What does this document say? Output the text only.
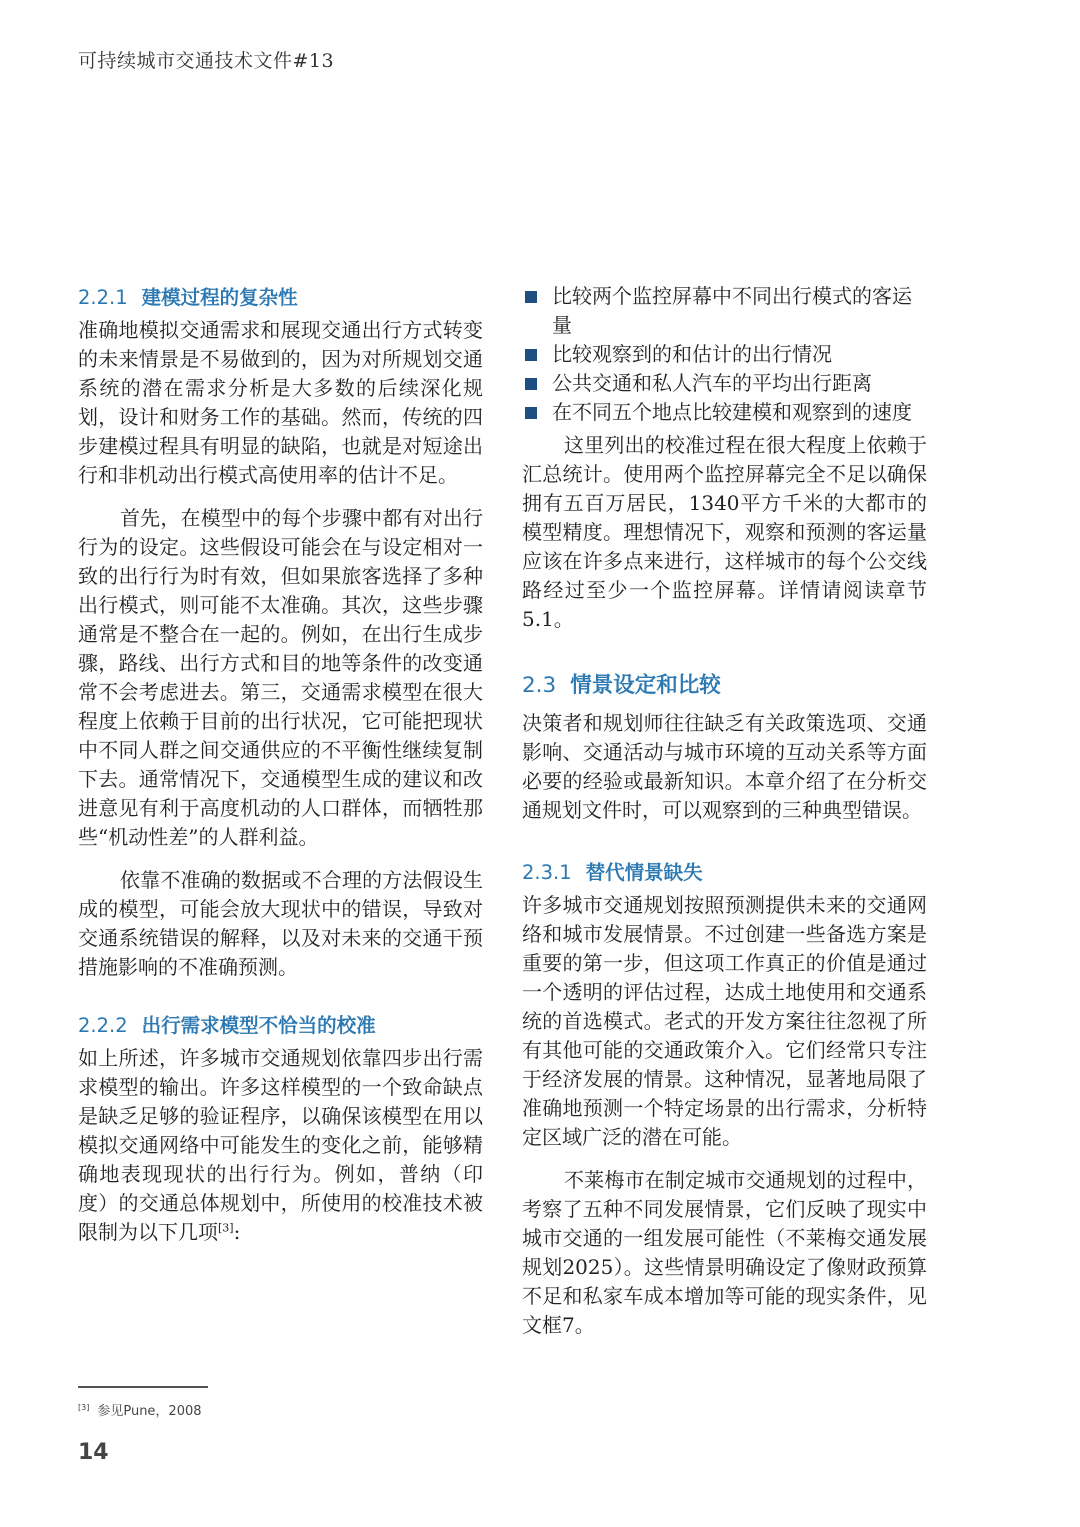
可持续城市交通技术文件#13
2.2.1 建模过程的复杂性

准确地模拟交通需求和展现交通出行方式转变的未来情景是不易做到的，因为对所规划交通系统的潜在需求分析是大多数的后续深化规划，设计和财务工作的基础。然而，传统的四步建模过程具有明显的缺陷，也就是对短途出行和非机动出行模式高使用率的估计不足。

首先，在模型中的每个步骤中都有对出行行为的设定。这些假设可能会在与设定相对一致的出行行为时有效，但如果旅客选择了多种出行模式，则可能不太准确。其次，这些步骤通常是不整合在一起的。例如，在出行生成步骤，路线、出行方式和目的地等条件的改变通常不会考虑进去。第三，交通需求模型在很大程度上依赖于目前的出行状况，它可能把现状中不同人群之间交通供应的不平衡性继续复制下去。通常情况下，交通模型生成的建议和改进意见有利于高度机动的人口群体，而牺牲那些“机动性差”的人群利益。

依靠不准确的数据或不合理的方法假设生成的模型，可能会放大现状中的错误，导致对交通系统错误的解释，以及对未来的交通干预措施影响的不准确预测。

2.2.2 出行需求模型不恰当的校准

如上所述，许多城市交通规划依靠四步出行需求模型的输出。许多这样模型的一个致命缺点是缺乏足够的验证程序，以确保该模型在用以模拟交通网络中可能发生的变化之前，能够精确地表现现状的出行行为。例如，普纳（印度）的交通总体规划中，所使用的校准技术被限制为以下几项[3]:

比较两个监控屏幕中不同出行模式的客运量
比较观察到的和估计的出行情况
公共交通和私人汽车的平均出行距离
在不同五个地点比较建模和观察到的速度

这里列出的校准过程在很大程度上依赖于汇总统计。使用两个监控屏幕完全不足以确保拥有五百万居民，1340平方千米的大都市的模型精度。理想情况下，观察和预测的客运量应该在许多点来进行，这样城市的每个公交线路经过至少一个监控屏幕。详情请阅读章节5.1。

2.3 情景设定和比较

决策者和规划师往往缺乏有关政策选项、交通影响、交通活动与城市环境的互动关系等方面必要的经验或最新知识。本章介绍了在分析交通规划文件时，可以观察到的三种典型错误。

2.3.1 替代情景缺失

许多城市交通规划按照预测提供未来的交通网络和城市发展情景。不过创建一些备选方案是重要的第一步，但这项工作真正的价值是通过一个透明的评估过程，达成土地使用和交通系统的首选模式。老式的开发方案往往忽视了所有其他可能的交通政策介入。它们经常只专注于经济发展的情景。这种情况，显著地局限了准确地预测一个特定场景的出行需求，分析特定区域广泛的潜在可能。

不莱梅市在制定城市交通规划的过程中，考察了五种不同发展情景，它们反映了现实中城市交通的一组发展可能性（不莱梅交通发展规划2025）。这些情景明确设定了像财政预算不足和私家车成本增加等可能的现实条件，见文框7。

[3] 参见Pune，2008
14
